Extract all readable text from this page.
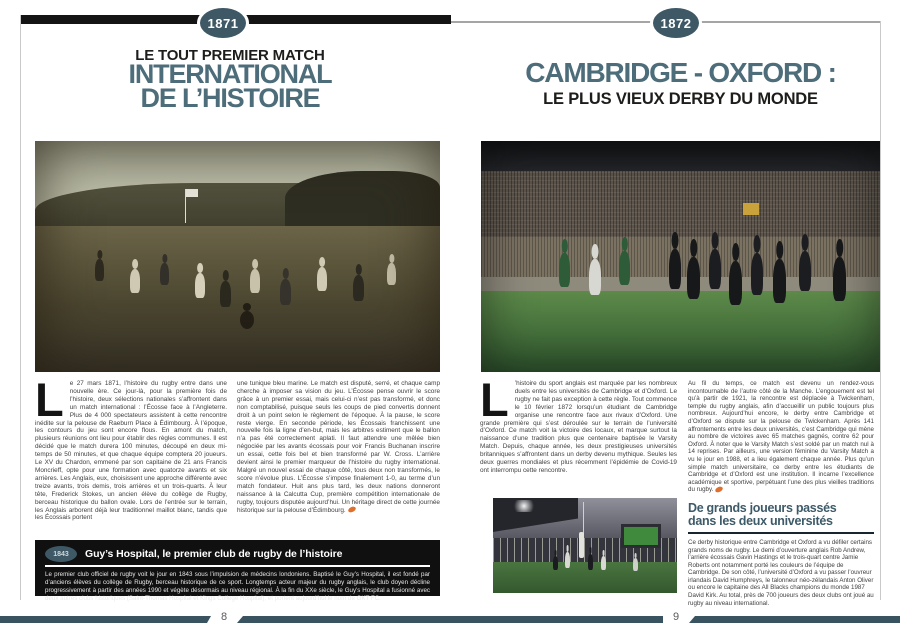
1871	1872
LE TOUT PREMIER MATCH
INTERNATIONAL
DE L’HISTOIRE
CAMBRIDGE - OXFORD :
LE PLUS VIEUX DERBY DU MONDE
Le 27 mars 1871, l’histoire du rugby entre dans une nouvelle ère. Ce jour-là, pour la première fois de l’histoire, deux sélections nationales s’affrontent dans un match international : l’Écosse face à l’Angleterre. Plus de 4 000 spectateurs assistent à cette rencontre inédite sur la pelouse de Raeburn Place à Édimbourg. À l’époque, les contours du jeu sont encore flous. En amont du match, plusieurs réunions ont lieu pour établir des règles communes. Il est décidé que le match durera 100 minutes, découpé en deux mi-temps de 50 minutes, et que chaque équipe comptera 20 joueurs. Le XV du Chardon, emmené par son capitaine de 21 ans Francis Moncrieff, opte pour une formation avec quatorze avants et six arrières. Les Anglais, eux, choisissent une approche différente avec treize avants, trois demis, trois arrières et un trois-quarts. À leur tête, Frederick Stokes, un ancien élève du collège de Rugby, berceau historique du ballon ovale. Lors de l’entrée sur le terrain, les Anglais arborent déjà leur traditionnel maillot blanc, tandis que les Écossais portent
une tunique bleu marine. Le match est disputé, serré, et chaque camp cherche à imposer sa vision du jeu. L’Écosse pense ouvrir le score grâce à un premier essai, mais celui-ci n’est pas transformé, et donc non comptabilisé, puisque seuls les coups de pied convertis donnent droit à un point selon le règlement de l’époque. À la pause, le score reste vierge. En seconde période, les Écossais franchissent une nouvelle fois la ligne d’en-but, mais les arbitres estiment que le ballon n’a pas été correctement aplati. Il faut attendre une mêlée bien négociée par les avants écossais pour voir Francis Buchanan inscrire un essai, cette fois bel et bien transformé par W. Cross. L’arrière devient ainsi le premier marqueur de l’histoire du rugby international. Malgré un nouvel essai de chaque côté, tous deux non transformés, le score n’évolue plus. L’Écosse s’impose finalement 1-0, au terme d’un match fondateur. Huit ans plus tard, les deux nations donneront naissance à la Calcutta Cup, première compétition internationale de rugby, toujours disputée aujourd’hui. Un héritage direct de cette journée historique sur la pelouse d’Édimbourg.
1843	Guy’s Hospital, le premier club de rugby de l’histoire
Le premier club officiel de rugby voit le jour en 1843 sous l’impulsion de médecins londoniens. Baptisé le Guy’s Hospital, il est fondé par d’anciens élèves du collège de Rugby, berceau historique de ce sport. Longtemps acteur majeur du rugby anglais, le club doyen décline progressivement à partir des années 1990 et végète désormais au niveau régional. À la fin du XXe siècle, le Guy’s Hospital a fusionné avec deux autres clubs historiques (Saint-Thomas Hospital et Kings College Hospital), et portent aujourd’hui le nom de GKT FC.
L ’histoire du sport anglais est marquée par les nombreux duels entre les universités de Cambridge et d’Oxford. Le rugby ne fait pas exception à cette règle. Tout commence le 10 février 1872 lorsqu’un étudiant de Cambridge organise une rencontre face aux rivaux d’Oxford. Une grande première qui s’est déroulée sur le terrain de l’université d’Oxford. Ce match voit la victoire des locaux, et marque surtout la naissance d’une tradition plus que centenaire baptisée le Varsity Match. Depuis, chaque année, les deux prestigieuses universités britanniques s’affrontent dans un derby devenu mythique. Seules les deux guerres mondiales et plus récemment l’épidémie de Covid-19 ont interrompu cette rencontre.
Au fil du temps, ce match est devenu un rendez-vous incontournable de l’autre côté de la Manche. L’engouement est tel qu’à partir de 1921, la rencontre est déplacée à Twickenham, temple du rugby anglais, afin d’accueillir un public toujours plus nombreux. Aujourd’hui encore, le derby entre Cambridge et d’Oxford se dispute sur la pelouse de Twickenham. Après 141 affrontements entre les deux universités, c’est Cambridge qui mène au nombre de victoires avec 65 matches gagnés, contre 62 pour Oxford. À noter que le Varsity Match s’est soldé par un match nul à 14 reprises. Par ailleurs, une version féminine du Varsity Match a vu le jour en 1988, et a lieu également chaque année. Plus qu’un simple match universitaire, ce derby entre les étudiants de Cambridge et d’Oxford est une institution. Il incarne l’excellence académique et sportive, perpétuant l’une des plus vieilles traditions du rugby.
De grands joueurs passés
dans les deux universités
Ce derby historique entre Cambridge et Oxford a vu défiler certains grands noms de rugby. Le demi d’ouverture anglais Rob Andrew, l’arrière écossais Gavin Hastings et le trois-quart centre Jamie Roberts ont notamment porté les couleurs de l’équipe de Cambridge. De son côté, l’université d’Oxford a vu passer l’ouvreur irlandais David Humphreys, le talonneur néo-zélandais Anton Oliver ou encore le capitaine des All Blacks champions du monde 1987 David Kirk. Au total, près de 700 joueurs des deux clubs ont joué au rugby au niveau international.
8	9
